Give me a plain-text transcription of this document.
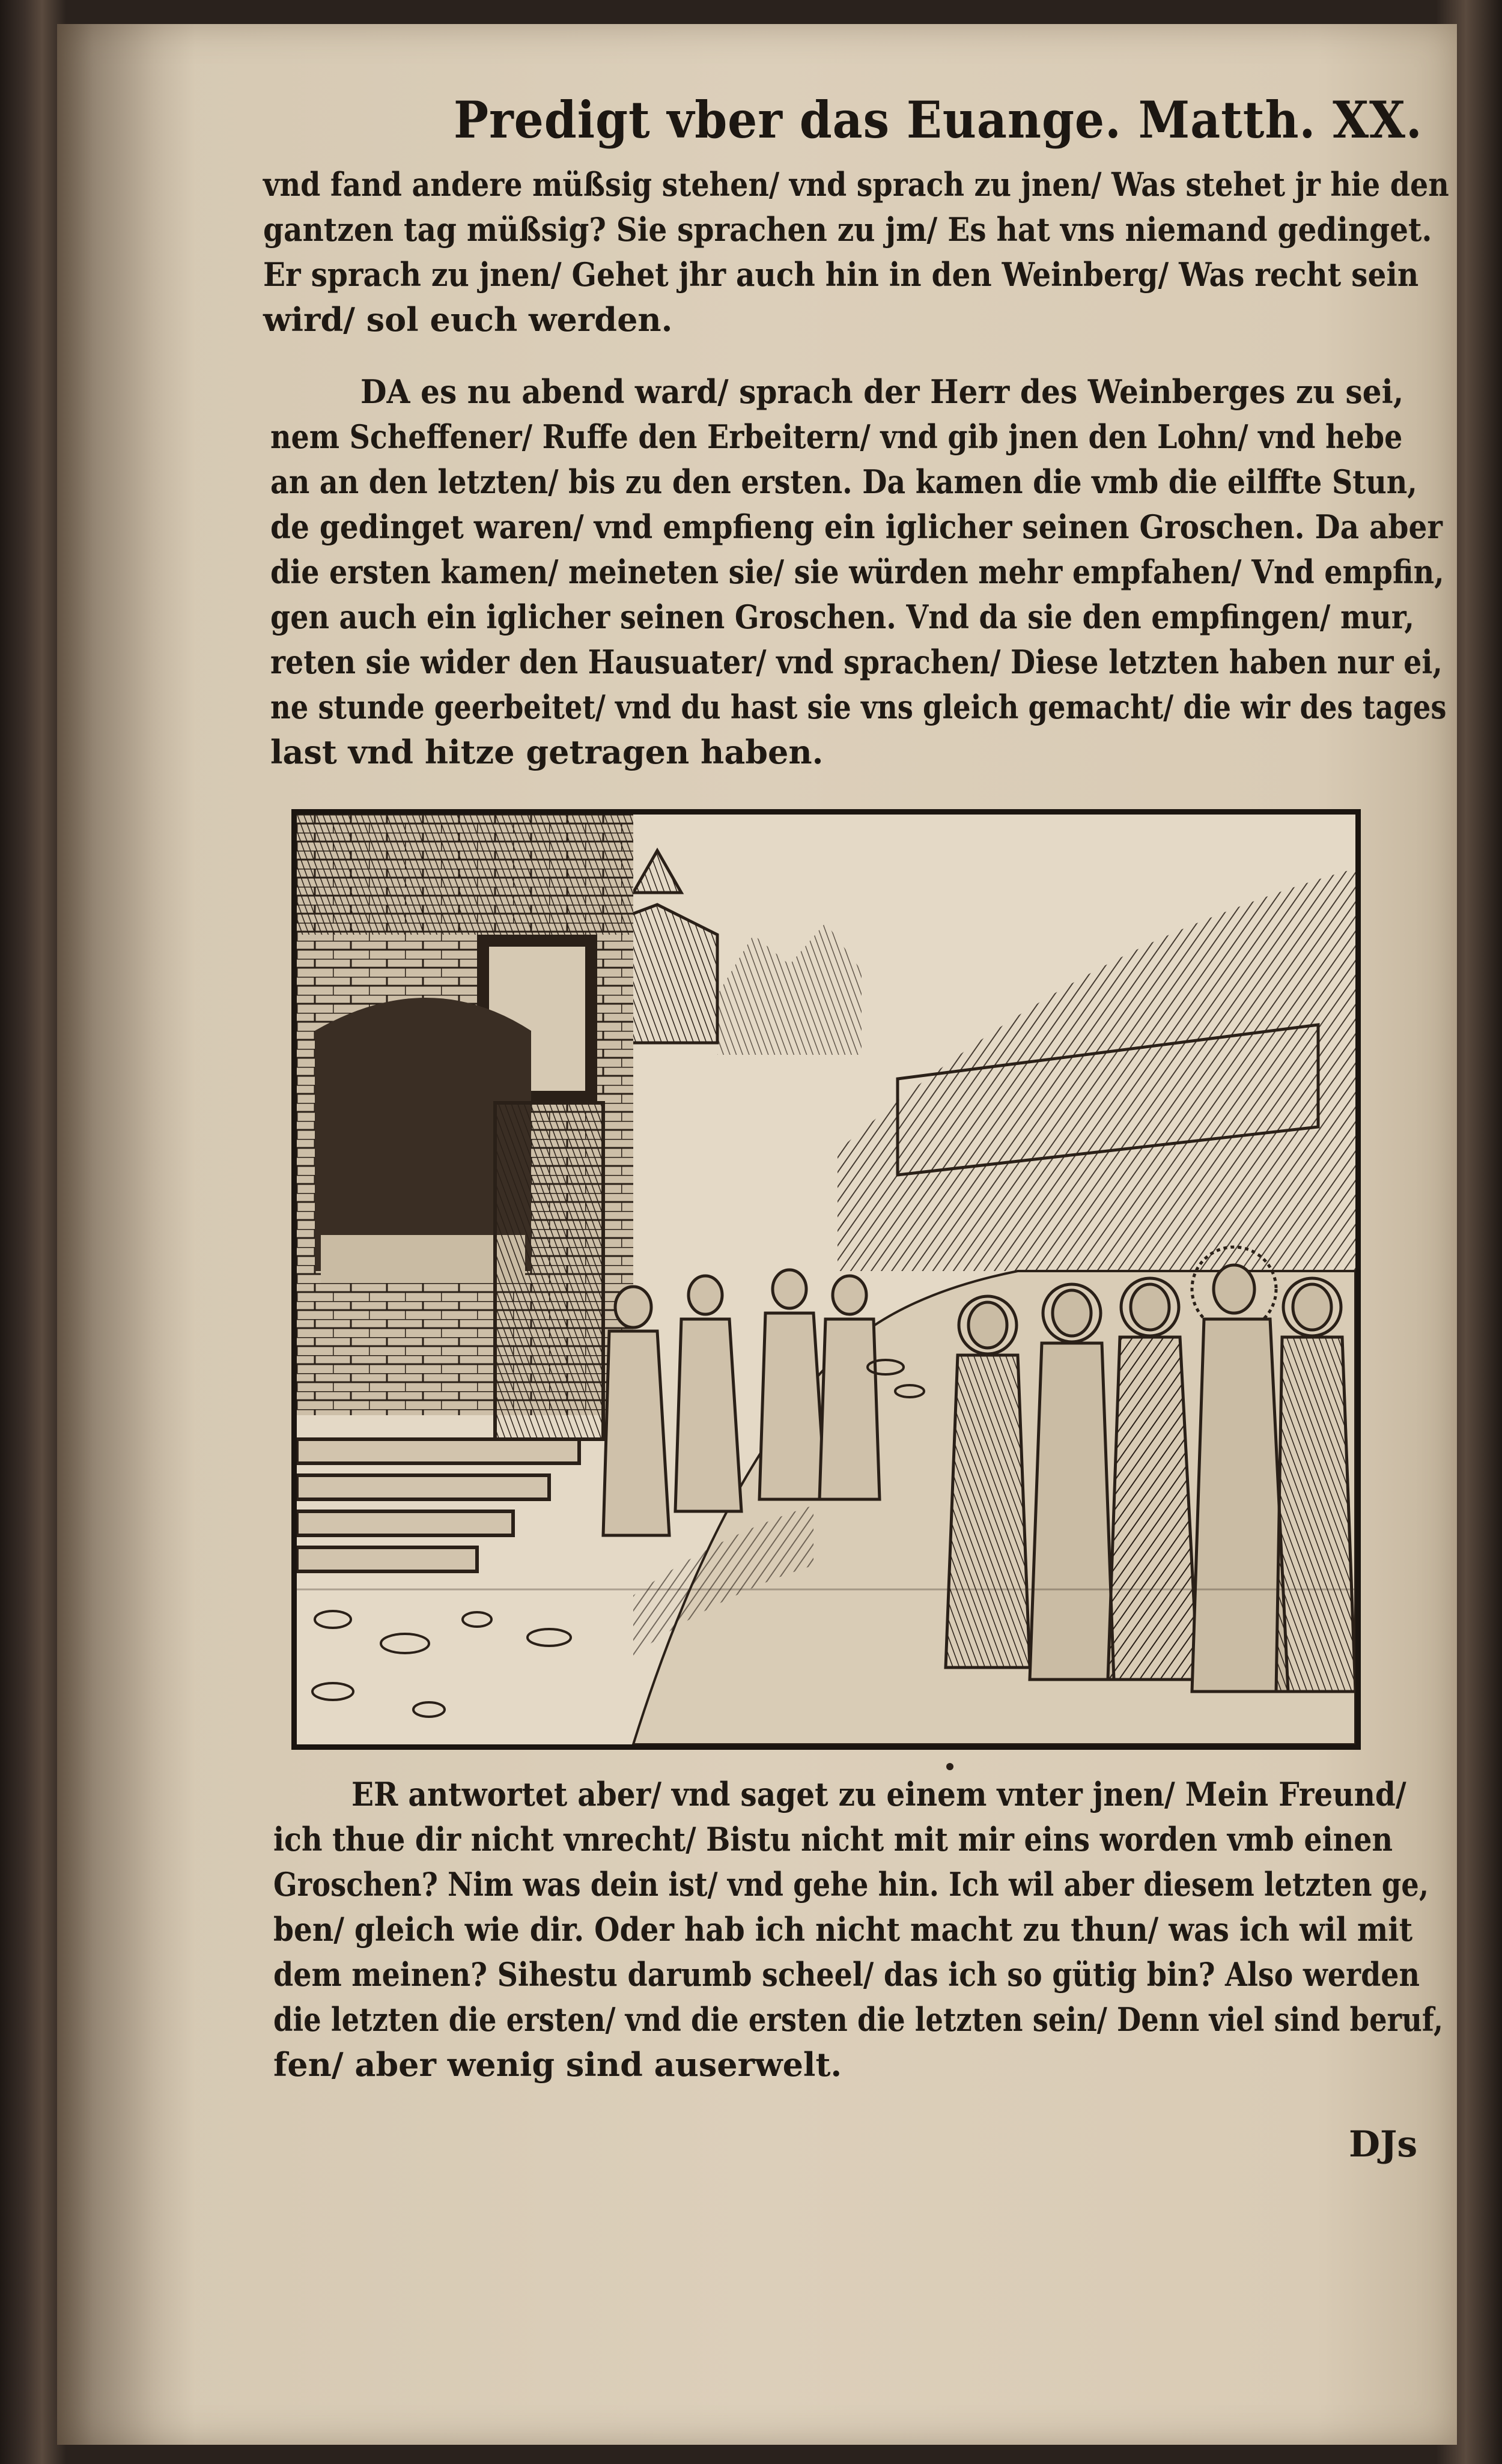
Predigt vber das Euange. Matth. XX.
vnd fand andere müßsig stehen/ vnd sprach zu jnen/ Was stehet jr hie den
gantzen tag müßsig? Sie sprachen zu jm/ Es hat vns niemand gedinget.
Er sprach zu jnen/ Gehet jhr auch hin in den Weinberg/ Was recht sein
wird/ sol euch werden.
DA es nu abend ward/ sprach der Herr des Weinberges zu sei,
nem Scheffener/ Ruffe den Erbeitern/ vnd gib jnen den Lohn/ vnd hebe
an an den letzten/ bis zu den ersten. Da kamen die vmb die eilffte Stun,
de gedinget waren/ vnd empfieng ein iglicher seinen Groschen. Da aber
die ersten kamen/ meineten sie/ sie würden mehr empfahen/ Vnd empfin,
gen auch ein iglicher seinen Groschen. Vnd da sie den empfingen/ mur,
reten sie wider den Hausuater/ vnd sprachen/ Diese letzten haben nur ei,
ne stunde geerbeitet/ vnd du hast sie vns gleich gemacht/ die wir des tages
last vnd hitze getragen haben.
ER antwortet aber/ vnd saget zu einem vnter jnen/ Mein Freund/
ich thue dir nicht vnrecht/ Bistu nicht mit mir eins worden vmb einen
Groschen? Nim was dein ist/ vnd gehe hin. Ich wil aber diesem letzten ge,
ben/ gleich wie dir. Oder hab ich nicht macht zu thun/ was ich wil mit
dem meinen? Sihestu darumb scheel/ das ich so gütig bin? Also werden
die letzten die ersten/ vnd die ersten die letzten sein/ Denn viel sind beruf,
fen/ aber wenig sind auserwelt.
DJs
